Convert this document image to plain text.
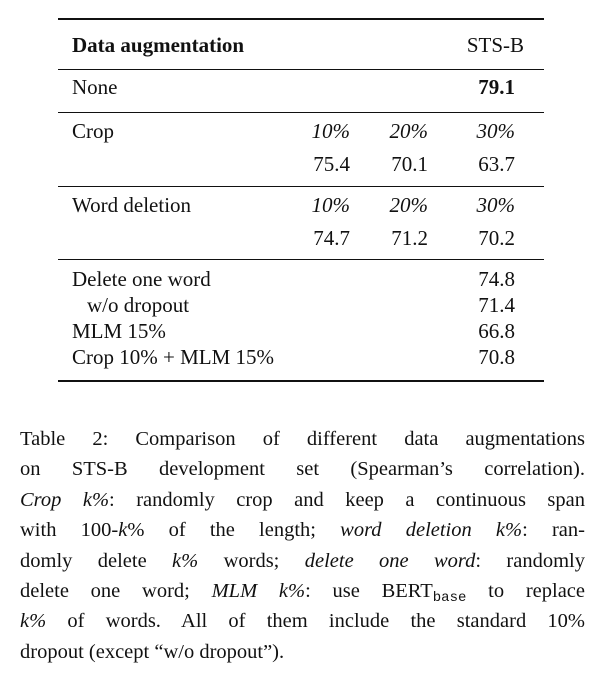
Data augmentation	STS-B
None	79.1
Crop	10% 20% 30%
75.4 70.1 63.7
Word deletion	10% 20% 30%
74.7 71.2 70.2
Delete one word	74.8
w/o dropout	71.4
MLM 15%	66.8
Crop 10% + MLM 15%	70.8
Table 2: Comparison of different data augmentations
on STS-B development set (Spearman’s correlation).
Crop k%: randomly crop and keep a continuous span
with 100-k% of the length; word deletion k%: ran-
domly delete k% words; delete one word: randomly
delete one word; MLM k%: use $BERT_{base}$ to replace
k% of words. All of them include the standard 10%
dropout (except “w/o dropout”).
